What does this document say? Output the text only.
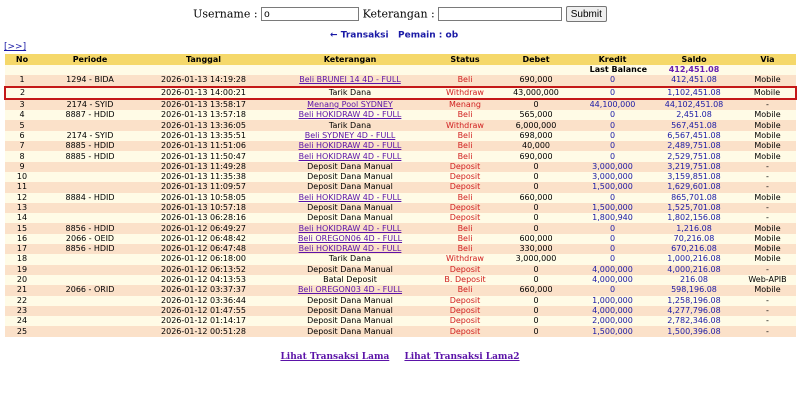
Username : o	Keterangan :	Submit
← Transaksi Pemain : ob
[>>]
No	Periode	Tanggal	Keterangan	Status	Debet	Kredit	Saldo	Via
Last Balance							412,451.08	
1	1294 - BIDA	2026-01-13 14:19:28	Beli BRUNEI 14 4D - FULL	Beli	690,000	0	412,451.08	Mobile
2		2026-01-13 14:00:21	Tarik Dana	Withdraw	43,000,000	0	1,102,451.08	Mobile
3	2174 - SYID	2026-01-13 13:58:17	Menang Pool SYDNEY	Menang	0	44,100,000	44,102,451.08	-
4	8887 - HDID	2026-01-13 13:57:18	Beli HOKIDRAW 4D - FULL	Beli	565,000	0	2,451.08	Mobile
5		2026-01-13 13:36:05	Tarik Dana	Withdraw	6,000,000	0	567,451.08	Mobile
6	2174 - SYID	2026-01-13 13:35:51	Beli SYDNEY 4D - FULL	Beli	698,000	0	6,567,451.08	Mobile
7	8885 - HDID	2026-01-13 11:51:06	Beli HOKIDRAW 4D - FULL	Beli	40,000	0	2,489,751.08	Mobile
8	8885 - HDID	2026-01-13 11:50:47	Beli HOKIDRAW 4D - FULL	Beli	690,000	0	2,529,751.08	Mobile
9		2026-01-13 11:49:28	Deposit Dana Manual	Deposit	0	3,000,000	3,219,751.08	-
10		2026-01-13 11:35:38	Deposit Dana Manual	Deposit	0	3,000,000	3,159,851.08	-
11		2026-01-13 11:09:57	Deposit Dana Manual	Deposit	0	1,500,000	1,629,601.08	-
12	8884 - HDID	2026-01-13 10:58:05	Beli HOKIDRAW 4D - FULL	Beli	660,000	0	865,701.08	Mobile
13		2026-01-13 10:57:18	Deposit Dana Manual	Deposit	0	1,500,000	1,525,701.08	-
14		2026-01-13 06:28:16	Deposit Dana Manual	Deposit	0	1,800,940	1,802,156.08	-
15	8856 - HDID	2026-01-12 06:49:27	Beli HOKIDRAW 4D - FULL	Beli	0	0	1,216.08	Mobile
16	2066 - OEID	2026-01-12 06:48:42	Beli OREGON06 4D - FULL	Beli	600,000	0	70,216.08	Mobile
17	8856 - HDID	2026-01-12 06:47:48	Beli HOKIDRAW 4D - FULL	Beli	330,000	0	670,216.08	Mobile
18		2026-01-12 06:18:00	Tarik Dana	Withdraw	3,000,000	0	1,000,216.08	Mobile
19		2026-01-12 06:13:52	Deposit Dana Manual	Deposit	0	4,000,000	4,000,216.08	-
20		2026-01-12 04:13:53	Batal Deposit	B. Deposit	0	4,000,000	216.08	Web-APIB
21	2066 - ORID	2026-01-12 03:37:37	Beli OREGON03 4D - FULL	Beli	660,000	0	598,196.08	Mobile
22		2026-01-12 03:36:44	Deposit Dana Manual	Deposit	0	1,000,000	1,258,196.08	-
23		2026-01-12 01:47:55	Deposit Dana Manual	Deposit	0	4,000,000	4,277,796.08	-
24		2026-01-12 01:14:17	Deposit Dana Manual	Deposit	0	2,000,000	2,782,346.08	-
25		2026-01-12 00:51:28	Deposit Dana Manual	Deposit	0	1,500,000	1,500,396.08	-
Lihat Transaksi Lama Lihat Transaksi Lama2
